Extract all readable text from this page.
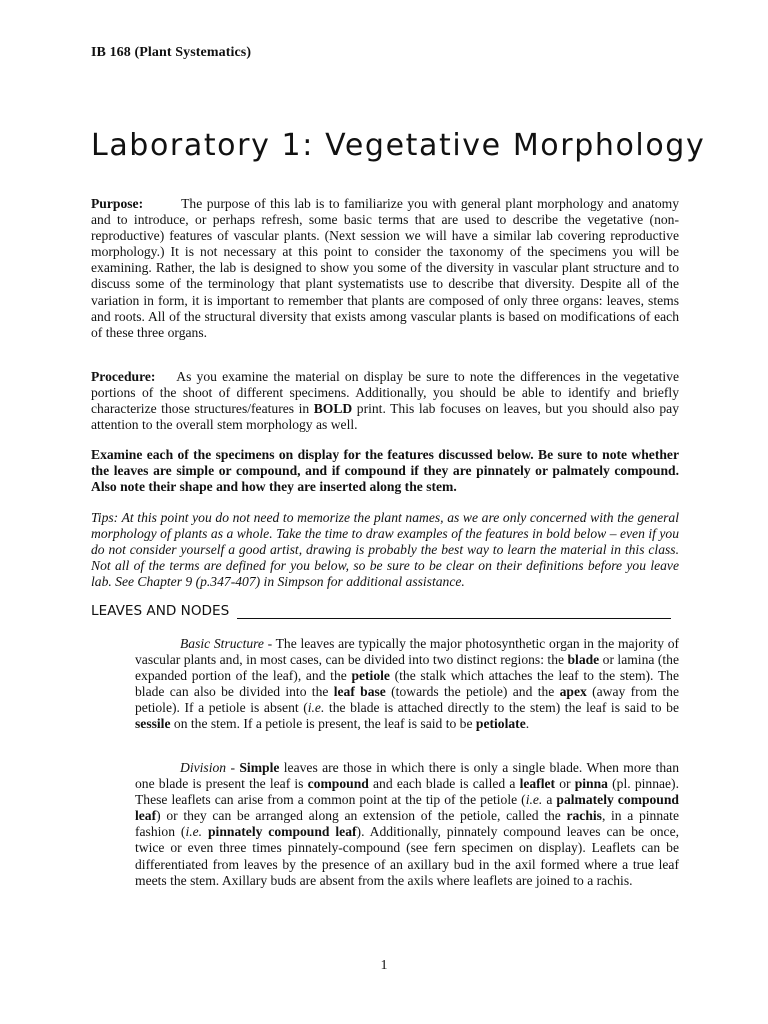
IB 168 (Plant Systematics)
Laboratory 1: Vegetative Morphology

Purpose:	The purpose of this lab is to familiarize you with general plant morphology and anatomy and to introduce, or perhaps refresh, some basic terms that are used to describe the vegetative (non-reproductive) features of vascular plants. (Next session we will have a similar lab covering reproductive morphology.) It is not necessary at this point to consider the taxonomy of the specimens you will be examining. Rather, the lab is designed to show you some of the diversity in vascular plant structure and to discuss some of the terminology that plant systematists use to describe that diversity. Despite all of the variation in form, it is important to remember that plants are composed of only three organs: leaves, stems and roots. All of the structural diversity that exists among vascular plants is based on modifications of each of these three organs.

Procedure: As you examine the material on display be sure to note the differences in the vegetative portions of the shoot of different specimens. Additionally, you should be able to identify and briefly characterize those structures/features in BOLD print. This lab focuses on leaves, but you should also pay attention to the overall stem morphology as well.

Examine each of the specimens on display for the features discussed below. Be sure to note whether the leaves are simple or compound, and if compound if they are pinnately or palmately compound. Also note their shape and how they are inserted along the stem.

Tips: At this point you do not need to memorize the plant names, as we are only concerned with the general morphology of plants as a whole. Take the time to draw examples of the features in bold below – even if you do not consider yourself a good artist, drawing is probably the best way to learn the material in this class. Not all of the terms are defined for you below, so be sure to be clear on their definitions before you leave lab. See Chapter 9 (p.347-407) in Simpson for additional assistance.

LEAVES AND NODES

Basic Structure - The leaves are typically the major photosynthetic organ in the majority of vascular plants and, in most cases, can be divided into two distinct regions: the blade or lamina (the expanded portion of the leaf), and the petiole (the stalk which attaches the leaf to the stem). The blade can also be divided into the leaf base (towards the petiole) and the apex (away from the petiole). If a petiole is absent (i.e. the blade is attached directly to the stem) the leaf is said to be sessile on the stem. If a petiole is present, the leaf is said to be petiolate.

Division - Simple leaves are those in which there is only a single blade. When more than one blade is present the leaf is compound and each blade is called a leaflet or pinna (pl. pinnae). These leaflets can arise from a common point at the tip of the petiole (i.e. a palmately compound leaf) or they can be arranged along an extension of the petiole, called the rachis, in a pinnate fashion (i.e. pinnately compound leaf). Additionally, pinnately compound leaves can be once, twice or even three times pinnately-compound (see fern specimen on display). Leaflets can be differentiated from leaves by the presence of an axillary bud in the axil formed where a true leaf meets the stem. Axillary buds are absent from the axils where leaflets are joined to a rachis.

1
